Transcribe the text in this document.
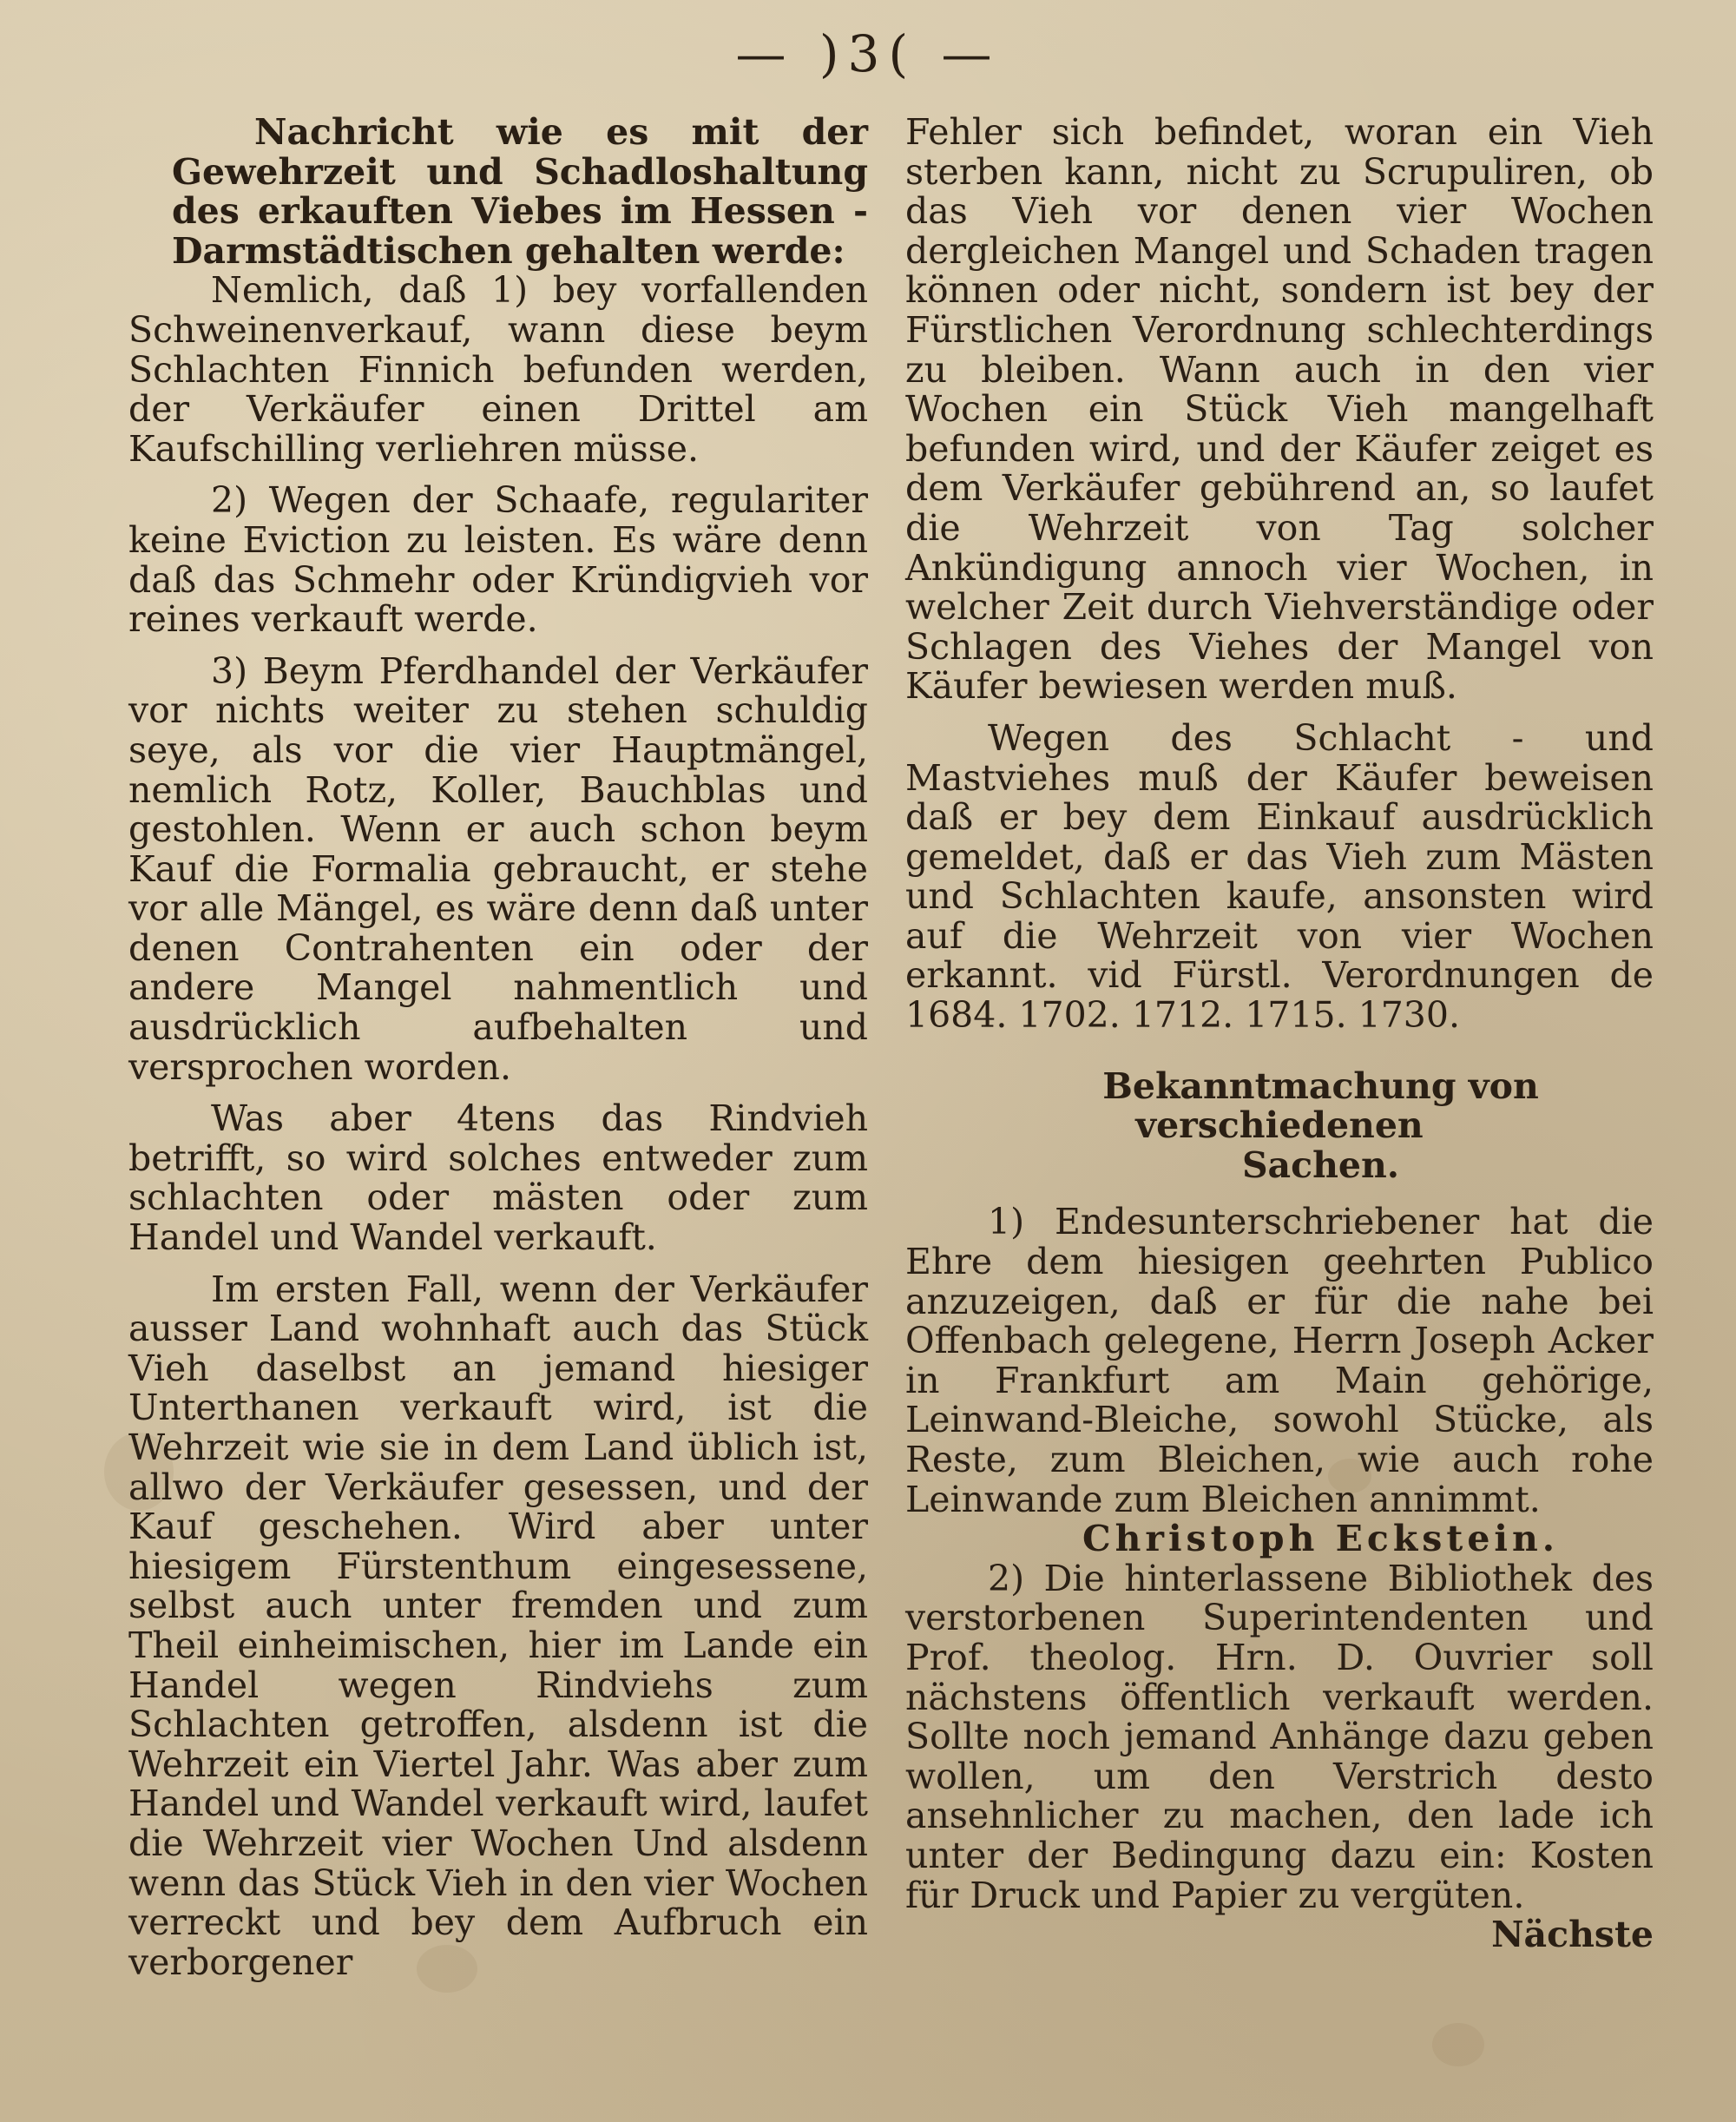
— )3( —

Nachricht wie es mit der Gewehrzeit und Schadloshaltung des erkauften Viebes im Hessen - Darmstädtischen gehalten werde:

Nemlich, daß 1) bey vorfallenden Schweinenverkauf, wann diese beym Schlachten Finnich befunden werden, der Verkäufer einen Drittel am Kaufschilling verliehren müsse.

2) Wegen der Schaafe, regulariter keine Eviction zu leisten. Es wäre denn daß das Schmehr oder Kründigvieh vor reines verkauft werde.

3) Beym Pferdhandel der Verkäufer vor nichts weiter zu stehen schuldig seye, als vor die vier Hauptmängel, nemlich Rotz, Koller, Bauchblas und gestohlen. Wenn er auch schon beym Kauf die Formalia gebraucht, er stehe vor alle Mängel, es wäre denn daß unter denen Contrahenten ein oder der andere Mangel nahmentlich und ausdrücklich aufbehalten und versprochen worden.

Was aber 4tens das Rindvieh betrifft, so wird solches entweder zum schlachten oder mästen oder zum Handel und Wandel verkauft.

Im ersten Fall, wenn der Verkäufer ausser Land wohnhaft auch das Stück Vieh daselbst an jemand hiesiger Unterthanen verkauft wird, ist die Wehrzeit wie sie in dem Land üblich ist, allwo der Verkäufer gesessen, und der Kauf geschehen. Wird aber unter hiesigem Fürstenthum eingesessene, selbst auch unter fremden und zum Theil einheimischen, hier im Lande ein Handel wegen Rindviehs zum Schlachten getroffen, alsdenn ist die Wehrzeit ein Viertel Jahr. Was aber zum Handel und Wandel verkauft wird, laufet die Wehrzeit vier Wochen Und alsdenn wenn das Stück Vieh in den vier Wochen verreckt und bey dem Aufbruch ein verborgener

Fehler sich befindet, woran ein Vieh sterben kann, nicht zu Scrupuliren, ob das Vieh vor denen vier Wochen dergleichen Mangel und Schaden tragen können oder nicht, sondern ist bey der Fürstlichen Verordnung schlechterdings zu bleiben. Wann auch in den vier Wochen ein Stück Vieh mangelhaft befunden wird, und der Käufer zeiget es dem Verkäufer gebührend an, so laufet die Wehrzeit von Tag solcher Ankündigung annoch vier Wochen, in welcher Zeit durch Viehverständige oder Schlagen des Viehes der Mangel von Käufer bewiesen werden muß.

Wegen des Schlacht - und Mastviehes muß der Käufer beweisen daß er bey dem Einkauf ausdrücklich gemeldet, daß er das Vieh zum Mästen und Schlachten kaufe, ansonsten wird auf die Wehrzeit von vier Wochen erkannt. vid Fürstl. Verordnungen de 1684. 1702. 1712. 1715. 1730.

Bekanntmachung von verschiedenen

Sachen.

1) Endesunterschriebener hat die Ehre dem hiesigen geehrten Publico anzuzeigen, daß er für die nahe bei Offenbach gelegene, Herrn Joseph Acker in Frankfurt am Main gehörige, Leinwand-Bleiche, sowohl Stücke, als Reste, zum Bleichen, wie auch rohe Leinwande zum Bleichen annimmt.

Christoph Eckstein.

2) Die hinterlassene Bibliothek des verstorbenen Superintendenten und Prof. theolog. Hrn. D. Ouvrier soll nächstens öffentlich verkauft werden. Sollte noch jemand Anhänge dazu geben wollen, um den Verstrich desto ansehnlicher zu machen, den lade ich unter der Bedingung dazu ein: Kosten für Druck und Papier zu vergüten.

Nächste
